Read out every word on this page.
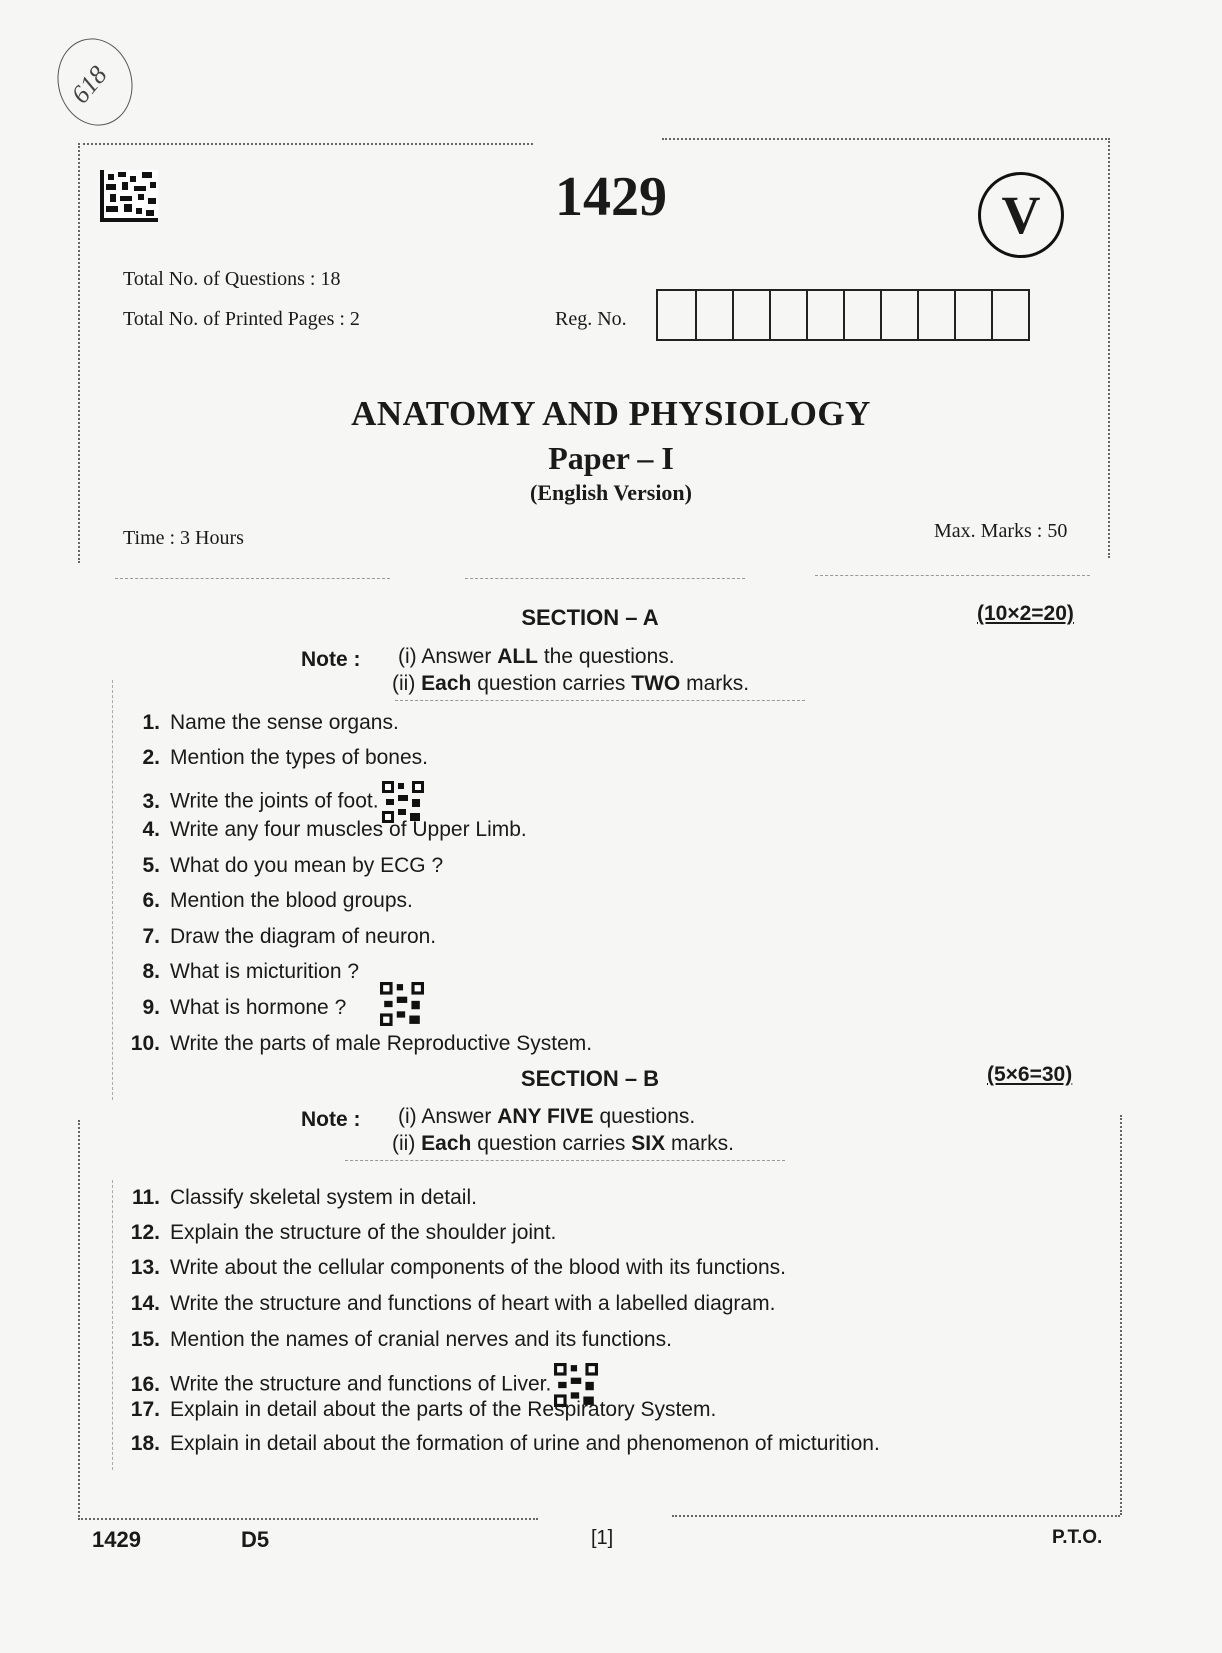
618
1429	V
Total No. of Questions : 18
Total No. of Printed Pages : 2	Reg. No.
ANATOMY AND PHYSIOLOGY
Paper – I
(English Version)
Time : 3 Hours	Max. Marks : 50
SECTION – A	(10×2=20)
Note : (i) Answer ALL the questions.
(ii) Each question carries TWO marks.
1. Name the sense organs.
2. Mention the types of bones.
3. Write the joints of foot.
4. Write any four muscles of Upper Limb.
5. What do you mean by ECG ?
6. Mention the blood groups.
7. Draw the diagram of neuron.
8. What is micturition ?
9. What is hormone ?
10. Write the parts of male Reproductive System.
SECTION – B	(5×6=30)
Note : (i) Answer ANY FIVE questions.
(ii) Each question carries SIX marks.
11. Classify skeletal system in detail.
12. Explain the structure of the shoulder joint.
13. Write about the cellular components of the blood with its functions.
14. Write the structure and functions of heart with a labelled diagram.
15. Mention the names of cranial nerves and its functions.
16. Write the structure and functions of Liver.
17. Explain in detail about the parts of the Respiratory System.
18. Explain in detail about the formation of urine and phenomenon of micturition.
1429	D5	[1]	P.T.O.
